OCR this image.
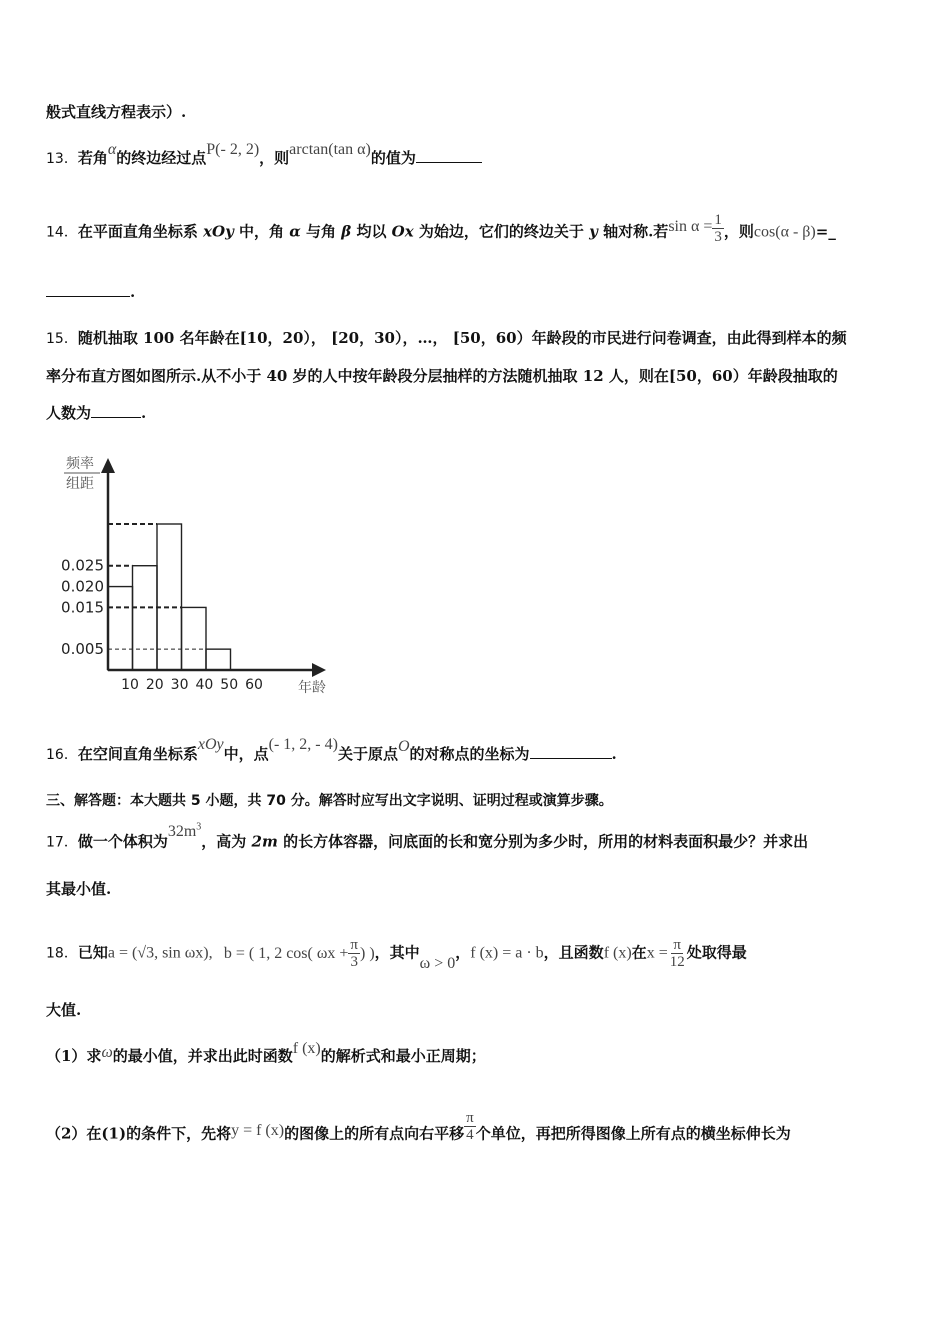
般式直线方程表示）.
13．若角α的终边经过点P(- 2, 2)，则arctan(tan α)的值为
14．在平面直角坐标系 xOy 中，角 α 与角 β 均以 Ox 为始边，它们的终边关于 y 轴对称.若$\sin \alpha = \frac{1}{3}$ ，则cos(α - β)=_
.
15．随机抽取 100 名年龄在[10，20）， [20，30），…， [50，60）年龄段的市民进行问卷调查，由此得到样本的频
率分布直方图如图所示.从不小于 40 岁的人中按年龄段分层抽样的方法随机抽取 12 人，则在[50，60）年龄段抽取的
人数为	.
0.025
0.020
0.015
0.005
10 20 30 40 50 60
频率
组距
年龄
16．在空间直角坐标系xOy中，点(- 1, 2, - 4)关于原点O的对称点的坐标为	.
三、解答题：本大题共 5 小题，共 70 分。解答时应写出文字说明、证明过程或演算步骤。
17．做一个体积为$32m^3$，高为 2m 的长方体容器，问底面的长和宽分别为多少时，所用的材料表面积最少？并求出
其最小值.
18．已知a = (√3, sin ωx), b = ( 1, 2 cos( $\omega x + \frac{\pi}{3}$ ) )，其中ω > 0，f (x) = a · b，且函数f (x)在$x = \frac{\pi}{12}$ 处取得最
大值.
（1）求ω的最小值，并求出此时函数f (x)的解析式和最小正周期；
（2）在(1)的条件下，先将y = f (x)的图像上的所有点向右平移 $\frac{\pi}{4}$ 个单位，再把所得图像上所有点的横坐标伸长为
